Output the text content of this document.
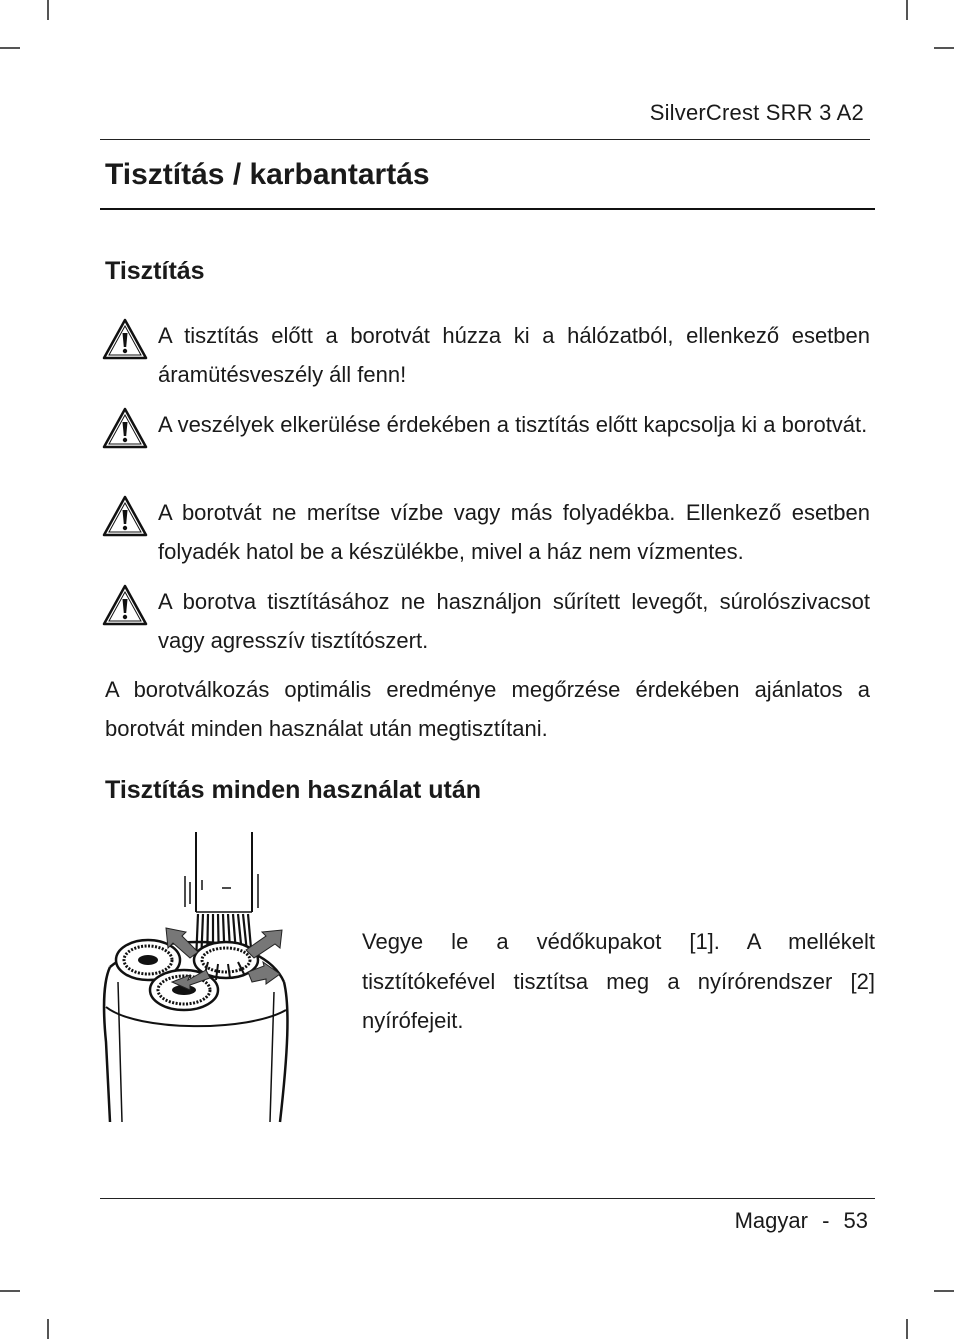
SilverCrest SRR 3 A2
Tisztítás / karbantartás
Tisztítás
A tisztítás előtt a borotvát húzza ki a hálózatból, ellenkező esetben áramütésveszély áll fenn!
A veszélyek elkerülése érdekében a tisztítás előtt kapcsolja ki a borotvát.
A borotvát ne merítse vízbe vagy más folyadékba. Ellenkező esetben folyadék hatol be a készülékbe, mivel a ház nem vízmentes.
A borotva tisztításához ne használjon sűrített levegőt, súrolószivacsot vagy agresszív tisztítószert.
A borotválkozás optimális eredménye megőrzése érdekében ajánlatos a borotvát minden használat után megtisztítani.
Tisztítás minden használat után
Vegye le a védőkupakot [1]. A mellékelt tisztítókefével tisztítsa meg a nyírórendszer [2] nyírófejeit.
Magyar - 53
